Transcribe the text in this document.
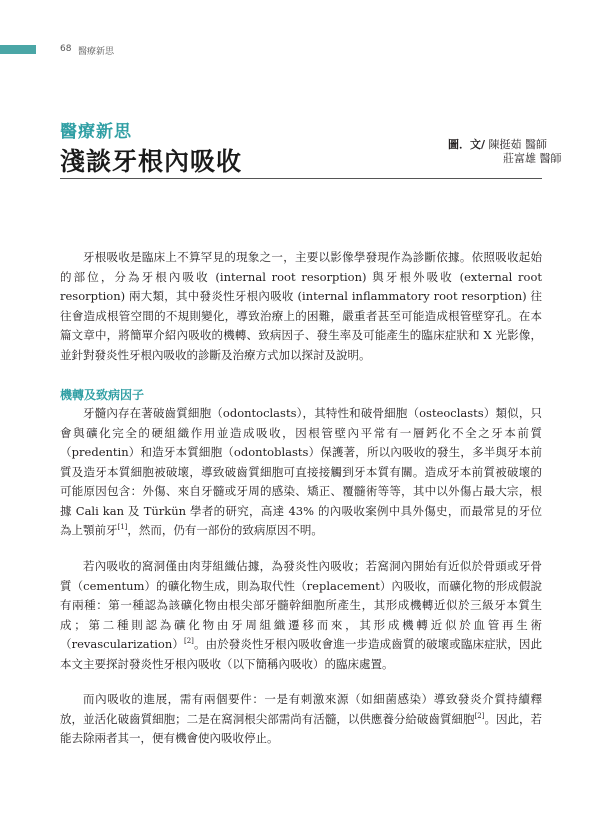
68 醫療新思
醫療新思
淺談牙根內吸收
圖．文/ 陳挺茹 醫師
莊富雄 醫師

牙根吸收是臨床上不算罕見的現象之一，主要以影像學發現作為診斷依據。依照吸收起始的部位，分為牙根內吸收 (internal root resorption) 與牙根外吸收 (external root resorption) 兩大類，其中發炎性牙根內吸收 (internal inflammatory root resorption) 往往會造成根管空間的不規則變化，導致治療上的困難，嚴重者甚至可能造成根管壁穿孔。在本篇文章中，將簡單介紹內吸收的機轉、致病因子、發生率及可能產生的臨床症狀和 X 光影像，並針對發炎性牙根內吸收的診斷及治療方式加以探討及說明。

機轉及致病因子

牙髓內存在著破齒質細胞（odontoclasts），其特性和破骨細胞（osteoclasts）類似，只會與礦化完全的硬組織作用並造成吸收，因根管壁內平常有一層鈣化不全之牙本前質（predentin）和造牙本質細胞（odontoblasts）保護著，所以內吸收的發生，多半與牙本前質及造牙本質細胞被破壞，導致破齒質細胞可直接接觸到牙本質有關。造成牙本前質被破壞的可能原因包含：外傷、來自牙髓或牙周的感染、矯正、覆髓術等等，其中以外傷占最大宗，根據 Cali kan 及 Türkün 學者的研究，高達 43% 的內吸收案例中具外傷史，而最常見的牙位為上顎前牙[1]，然而，仍有一部份的致病原因不明。

若內吸收的窩洞僅由肉芽組織佔據，為發炎性內吸收；若窩洞內開始有近似於骨頭或牙骨質（cementum）的礦化物生成，則為取代性（replacement）內吸收，而礦化物的形成假說有兩種：第一種認為該礦化物由根尖部牙髓幹細胞所產生，其形成機轉近似於三級牙本質生成；第二種則認為礦化物由牙周組織遷移而來，其形成機轉近似於血管再生術（revascularization）[2]。由於發炎性牙根內吸收會進一步造成齒質的破壞或臨床症狀，因此本文主要探討發炎性牙根內吸收（以下簡稱內吸收）的臨床處置。

而內吸收的進展，需有兩個要件：一是有刺激來源（如細菌感染）導致發炎介質持續釋放，並活化破齒質細胞；二是在窩洞根尖部需尚有活髓，以供應養分給破齒質細胞[2]。因此，若能去除兩者其一，便有機會使內吸收停止。
